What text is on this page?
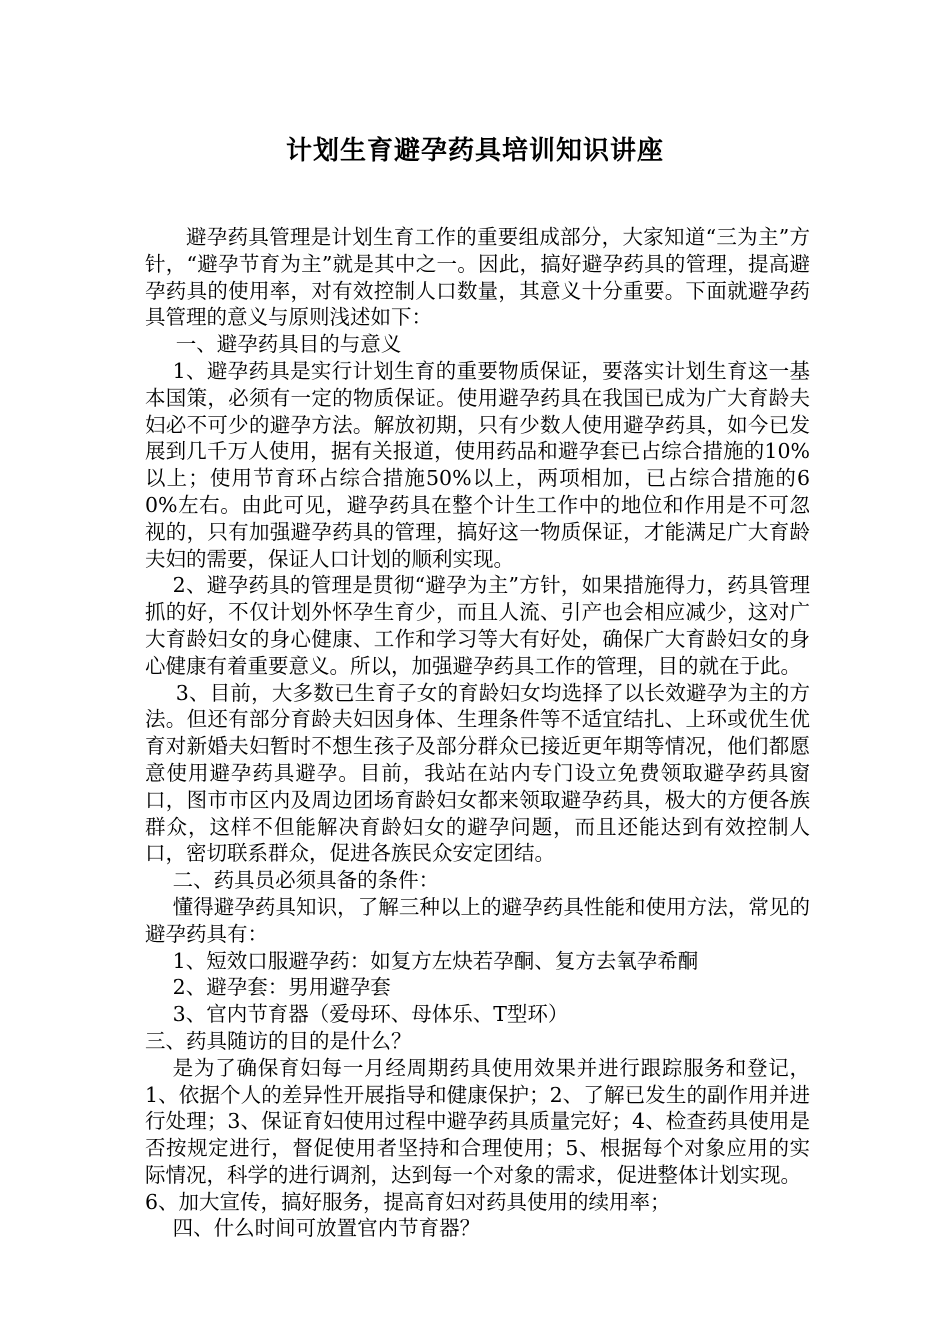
计划生育避孕药具培训知识讲座

避孕药具管理是计划生育工作的重要组成部分，大家知道“三为主”方针，“避孕节育为主”就是其中之一。因此，搞好避孕药具的管理，提高避孕药具的使用率，对有效控制人口数量，其意义十分重要。下面就避孕药具管理的意义与原则浅述如下：

一、避孕药具目的与意义

1、避孕药具是实行计划生育的重要物质保证，要落实计划生育这一基本国策，必须有一定的物质保证。使用避孕药具在我国已成为广大育龄夫妇必不可少的避孕方法。解放初期，只有少数人使用避孕药具，如今已发展到几千万人使用，据有关报道，使用药品和避孕套已占综合措施的10%以上；使用节育环占综合措施50%以上，两项相加，已占综合措施的60%左右。由此可见，避孕药具在整个计生工作中的地位和作用是不可忽视的，只有加强避孕药具的管理，搞好这一物质保证，才能满足广大育龄夫妇的需要，保证人口计划的顺利实现。

2、避孕药具的管理是贯彻“避孕为主”方针，如果措施得力，药具管理抓的好，不仅计划外怀孕生育少，而且人流、引产也会相应减少，这对广大育龄妇女的身心健康、工作和学习等大有好处，确保广大育龄妇女的身心健康有着重要意义。所以，加强避孕药具工作的管理，目的就在于此。

3、目前，大多数已生育子女的育龄妇女均选择了以长效避孕为主的方法。但还有部分育龄夫妇因身体、生理条件等不适宜结扎、上环或优生优育对新婚夫妇暂时不想生孩子及部分群众已接近更年期等情况，他们都愿意使用避孕药具避孕。目前，我站在站内专门设立免费领取避孕药具窗口，图市市区内及周边团场育龄妇女都来领取避孕药具，极大的方便各族群众，这样不但能解决育龄妇女的避孕问题，而且还能达到有效控制人口，密切联系群众，促进各族民众安定团结。

二、药具员必须具备的条件：

懂得避孕药具知识，了解三种以上的避孕药具性能和使用方法，常见的避孕药具有：

1、短效口服避孕药：如复方左炔若孕酮、复方去氧孕希酮

2、避孕套：男用避孕套

3、官内节育器（爱母环、母体乐、T型环）

三、药具随访的目的是什么？

是为了确保育妇每一月经周期药具使用效果并进行跟踪服务和登记，1、依据个人的差异性开展指导和健康保护；2、了解已发生的副作用并进行处理；3、保证育妇使用过程中避孕药具质量完好；4、检查药具使用是否按规定进行，督促使用者坚持和合理使用；5、根据每个对象应用的实际情况，科学的进行调剂，达到每一个对象的需求，促进整体计划实现。

6、加大宣传，搞好服务，提高育妇对药具使用的续用率；

四、什么时间可放置官内节育器？
